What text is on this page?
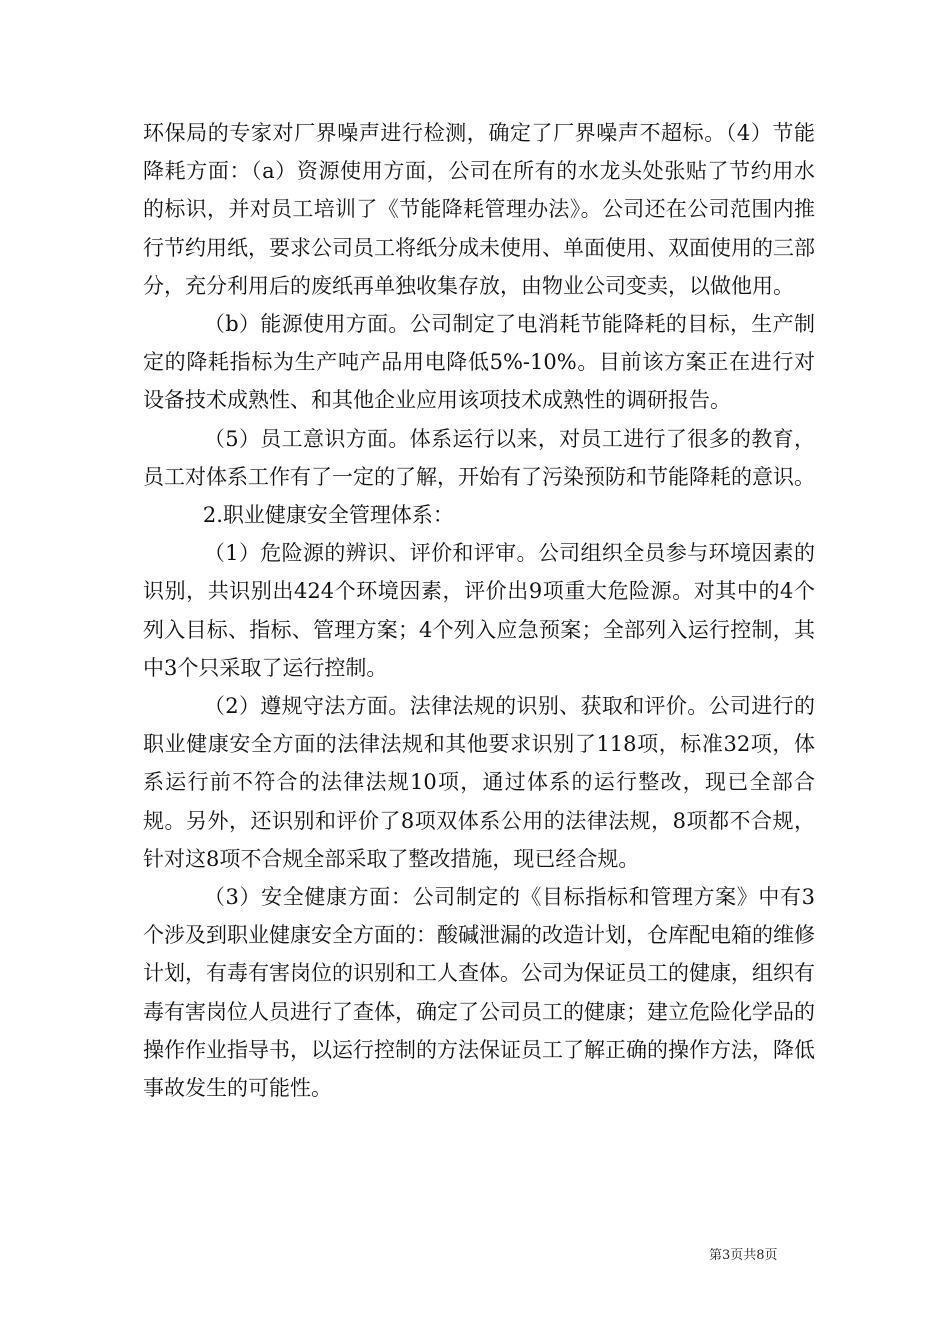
环保局的专家对厂界噪声进行检测，确定了厂界噪声不超标。（4）节能降耗方面：（a）资源使用方面，公司在所有的水龙头处张贴了节约用水的标识，并对员工培训了《节能降耗管理办法》。公司还在公司范围内推行节约用纸，要求公司员工将纸分成未使用、单面使用、双面使用的三部分，充分利用后的废纸再单独收集存放，由物业公司变卖，以做他用。

（b）能源使用方面。公司制定了电消耗节能降耗的目标，生产制定的降耗指标为生产吨产品用电降低5%-10%。目前该方案正在进行对设备技术成熟性、和其他企业应用该项技术成熟性的调研报告。

（5）员工意识方面。体系运行以来，对员工进行了很多的教育，员工对体系工作有了一定的了解，开始有了污染预防和节能降耗的意识。

2.职业健康安全管理体系：

（1）危险源的辨识、评价和评审。公司组织全员参与环境因素的识别，共识别出424个环境因素，评价出9项重大危险源。对其中的4个列入目标、指标、管理方案；4个列入应急预案；全部列入运行控制，其中3个只采取了运行控制。

（2）遵规守法方面。法律法规的识别、获取和评价。公司进行的职业健康安全方面的法律法规和其他要求识别了118项，标准32项，体系运行前不符合的法律法规10项，通过体系的运行整改，现已全部合规。另外，还识别和评价了8项双体系公用的法律法规，8项都不合规，针对这8项不合规全部采取了整改措施，现已经合规。

（3）安全健康方面：公司制定的《目标指标和管理方案》中有3个涉及到职业健康安全方面的：酸碱泄漏的改造计划，仓库配电箱的维修计划，有毒有害岗位的识别和工人查体。公司为保证员工的健康，组织有毒有害岗位人员进行了查体，确定了公司员工的健康；建立危险化学品的操作作业指导书，以运行控制的方法保证员工了解正确的操作方法，降低事故发生的可能性。

第3页共8页
